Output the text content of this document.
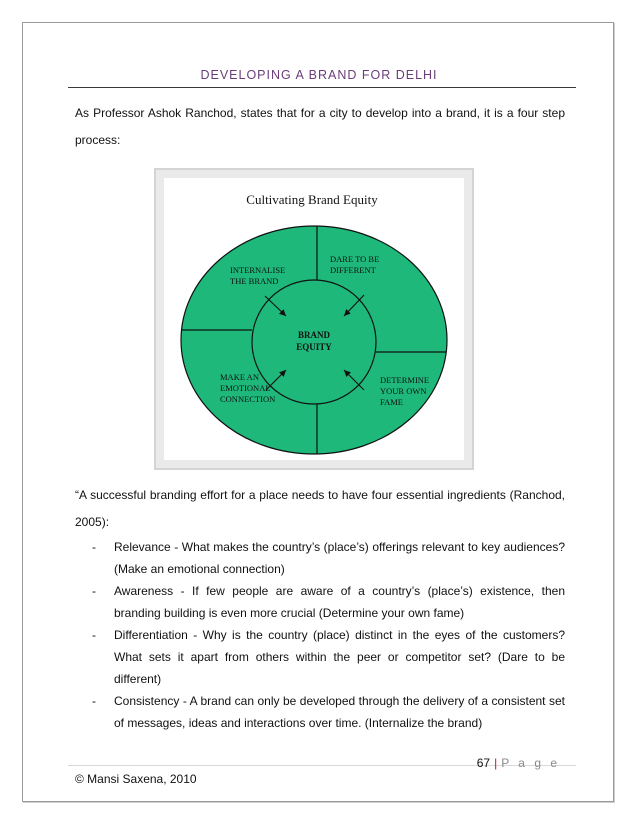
DEVELOPING A BRAND FOR DELHI

As Professor Ashok Ranchod, states that for a city to develop into a brand, it is a four step process:

Cultivating Brand Equity
INTERNALISE
THE BRAND
DARE TO BE
DIFFERENT
MAKE AN
EMOTIONAL
CONNECTION
DETERMINE
YOUR OWN
FAME
BRAND
EQUITY

“A successful branding effort for a place needs to have four essential ingredients (Ranchod, 2005):

- Relevance - What makes the country’s (place’s) offerings relevant to key audiences? (Make an emotional connection)
- Awareness - If few people are aware of a country’s (place’s) existence, then branding building is even more crucial (Determine your own fame)
- Differentiation - Why is the country (place) distinct in the eyes of the customers? What sets it apart from others within the peer or competitor set? (Dare to be different)
- Consistency - A brand can only be developed through the delivery of a consistent set of messages, ideas and interactions over time. (Internalize the brand)
67 | P a g e
© Mansi Saxena, 2010
